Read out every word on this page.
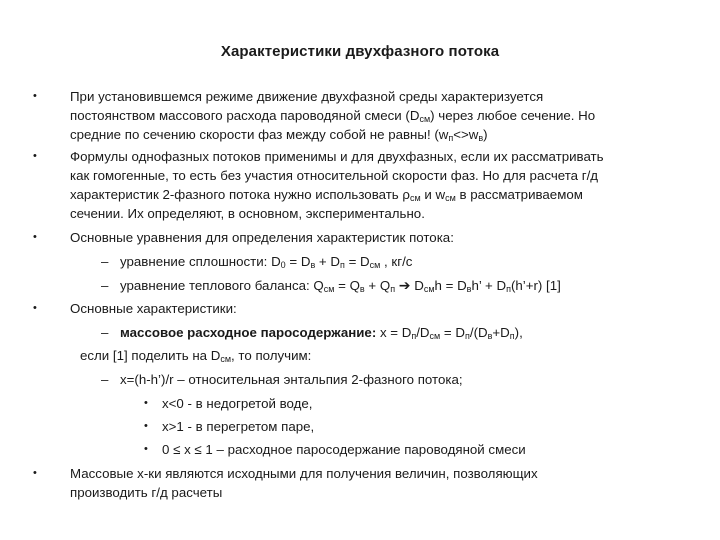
Характеристики двухфазного потока
• При установившемся режиме движение двухфазной среды характеризуется
постоянством массового расхода пароводяной смеси $(D_{см})$ через любое сечение. Но
средние по сечению скорости фаз между собой не равны! $(w_п<>w_в)$
• Формулы однофазных потоков применимы и для двухфазных, если их рассматривать
как гомогенные, то есть без участия относительной скорости фаз. Но для расчета г/д
характеристик 2-фазного потока нужно использовать $\rho_{см}$ и $w_{см}$ в рассматриваемом
сечении. Их определяют, в основном, экспериментально.
• Основные уравнения для определения характеристик потока:
– уравнение сплошности: $D_0 = D_в + D_п = D_{см}$ , кг/с
– уравнение теплового баланса: $Q_{см} = Q_в + Q_п$ ➔ $D_{см}h = D_вh$’ + $D_п(h’+r)$ [1]
• Основные характеристики:
– массовое расходное паросодержание: $x = D_п/D_{см} = D_п/(D_в+D_п)$,
если [1] поделить на $D_{см}$, то получим:
– x=(h-h’)/r – относительная энтальпия 2-фазного потока;
• x<0 - в недогретой воде,
• x>1 - в перегретом паре,
• 0 ≤ x ≤ 1 – расходное паросодержание пароводяной смеси
• Массовые x-ки являются исходными для получения величин, позволяющих
производить г/д расчеты
